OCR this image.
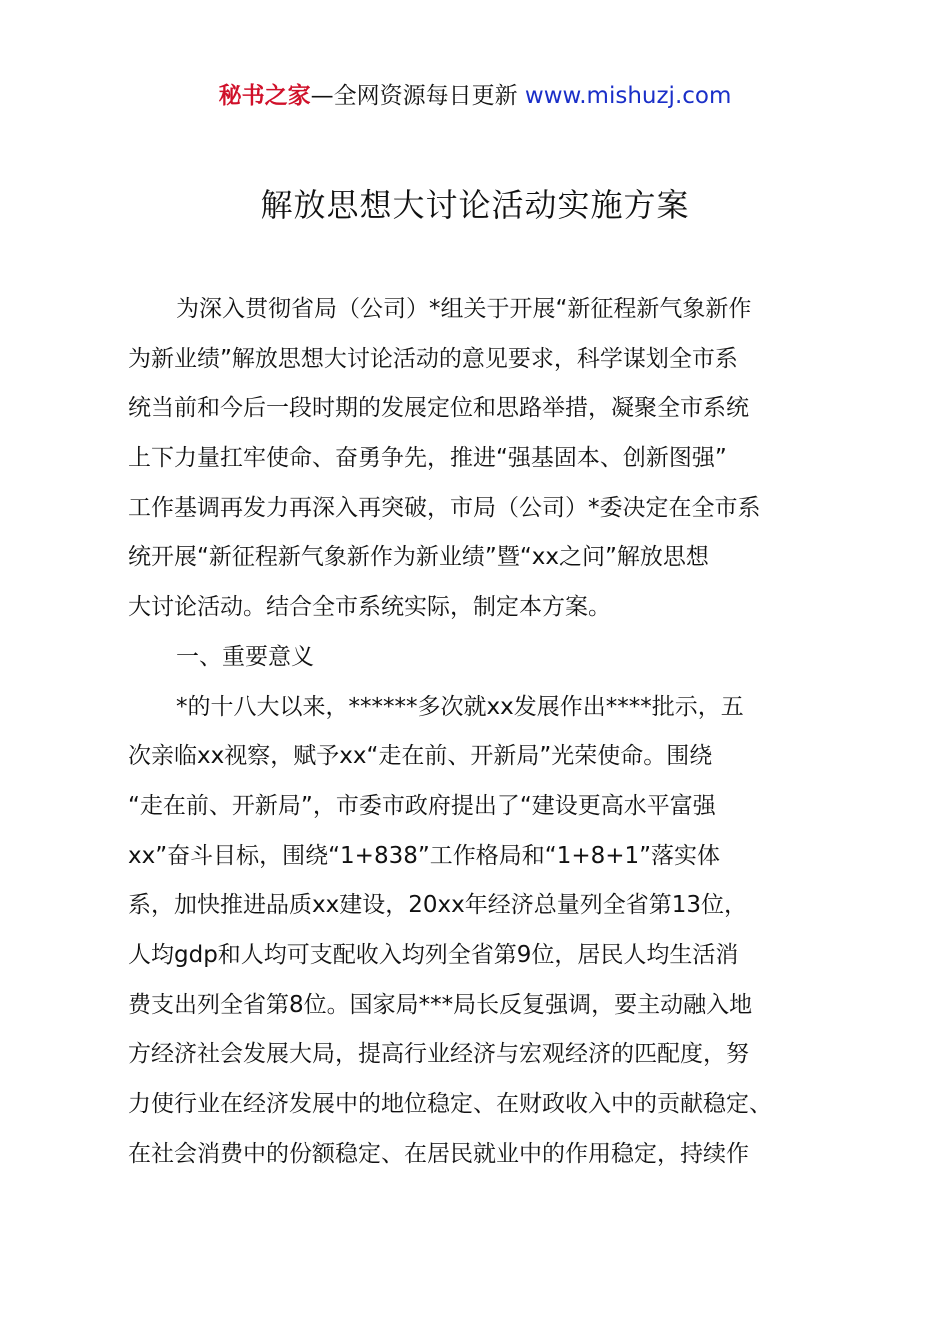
秘书之家—全网资源每日更新 www.mishuzj.com
解放思想大讨论活动实施方案
为深入贯彻省局（公司）*组关于开展“新征程新气象新作
为新业绩”解放思想大讨论活动的意见要求，科学谋划全市系
统当前和今后一段时期的发展定位和思路举措，凝聚全市系统
上下力量扛牢使命、奋勇争先，推进“强基固本、创新图强”
工作基调再发力再深入再突破，市局（公司）*委决定在全市系
统开展“新征程新气象新作为新业绩”暨“xx之问”解放思想
大讨论活动。结合全市系统实际，制定本方案。
一、重要意义
*的十八大以来，******多次就xx发展作出****批示，五
次亲临xx视察，赋予xx“走在前、开新局”光荣使命。围绕
“走在前、开新局”，市委市政府提出了“建设更高水平富强
xx”奋斗目标，围绕“1+838”工作格局和“1+8+1”落实体
系，加快推进品质xx建设，20xx年经济总量列全省第13位，
人均gdp和人均可支配收入均列全省第9位，居民人均生活消
费支出列全省第8位。国家局***局长反复强调，要主动融入地
方经济社会发展大局，提高行业经济与宏观经济的匹配度，努
力使行业在经济发展中的地位稳定、在财政收入中的贡献稳定、
在社会消费中的份额稳定、在居民就业中的作用稳定，持续作
